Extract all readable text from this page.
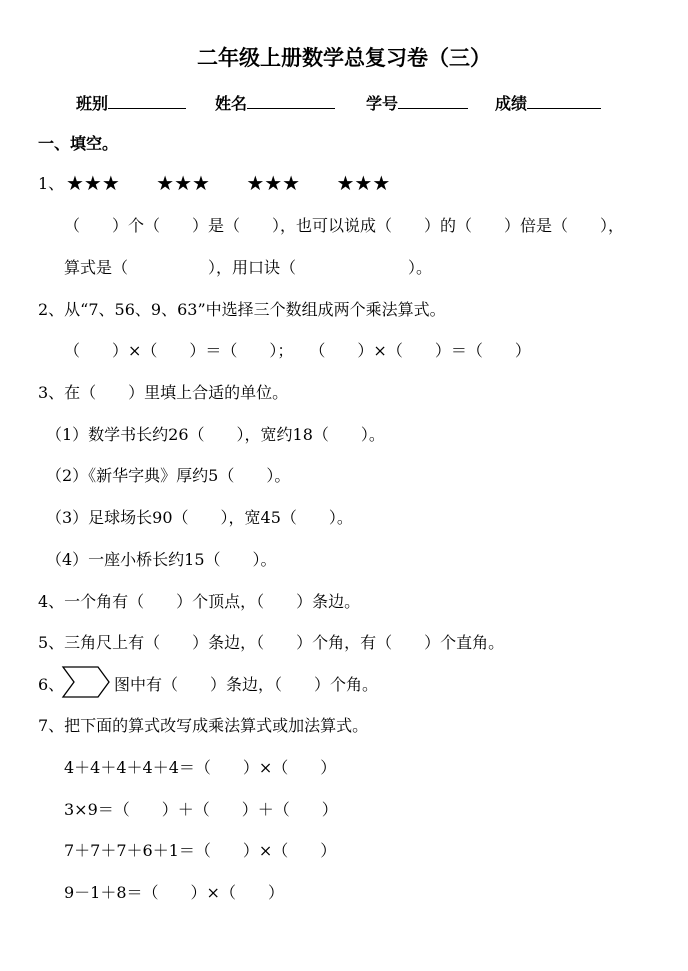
二年级上册数学总复习卷（三）
班别	姓名	学号	成绩
一、填空。
1、 ★★★ ★★★ ★★★ ★★★
（　　）个（　　）是（　　），也可以说成（　　）的（　　）倍是（　　），
算式是（　　　　　），用口诀（　　　　　　　）。
2、从“7、56、9、63”中选择三个数组成两个乘法算式。
（　　）×（　　）＝（　　）；　　（　　）×（　　）＝（　　）
3、在（　　）里填上合适的单位。
（1）数学书长约26（　　），宽约18（　　）。
（2）《新华字典》厚约5（　　）。
（3）足球场长90（　　），宽45（　　）。
（4）一座小桥长约15（　　）。
4、一个角有（　　）个顶点，（　　）条边。
5、三角尺上有（　　）条边，（　　）个角，有（　　）个直角。
6、	图中有（　　）条边，（　　）个角。
7、把下面的算式改写成乘法算式或加法算式。
4＋4＋4＋4＋4＝（　　）×（　　）
3×9＝（　　）＋（　　）＋（　　）
7＋7＋7＋6＋1＝（　　）×（　　）
9－1＋8＝（　　）×（　　）
